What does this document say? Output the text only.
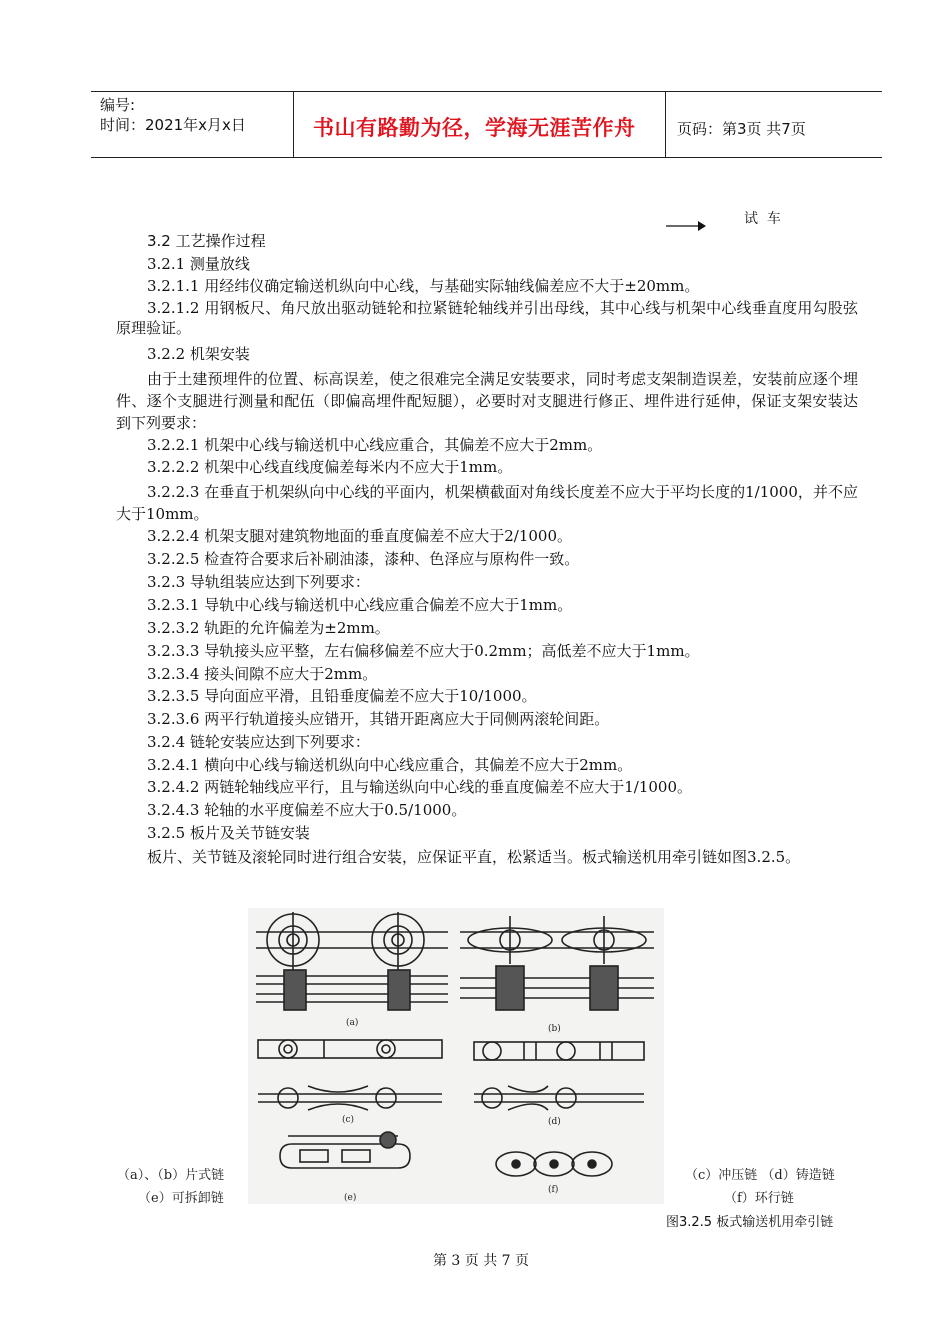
编号:
时间：2021年x月x日	书山有路勤为径，学海无涯苦作舟	页码：第3页 共7页
试  车
3.2 工艺操作过程
3.2.1 测量放线
3.2.1.1 用经纬仪确定输送机纵向中心线，与基础实际轴线偏差应不大于±20mm。
3.2.1.2 用钢板尺、角尺放出驱动链轮和拉紧链轮轴线并引出母线，其中心线与机架中心线垂直度用勾股弦原理验证。
3.2.2 机架安装
由于土建预埋件的位置、标高误差，使之很难完全满足安装要求，同时考虑支架制造误差，安装前应逐个埋件、逐个支腿进行测量和配伍（即偏高埋件配短腿），必要时对支腿进行修正、埋件进行延伸，保证支架安装达到下列要求：
3.2.2.1 机架中心线与输送机中心线应重合，其偏差不应大于2mm。
3.2.2.2 机架中心线直线度偏差每米内不应大于1mm。
3.2.2.3 在垂直于机架纵向中心线的平面内，机架横截面对角线长度差不应大于平均长度的1/1000，并不应大于10mm。
3.2.2.4 机架支腿对建筑物地面的垂直度偏差不应大于2/1000。
3.2.2.5 检查符合要求后补刷油漆，漆种、色泽应与原构件一致。
3.2.3 导轨组装应达到下列要求：
3.2.3.1 导轨中心线与输送机中心线应重合偏差不应大于1mm。
3.2.3.2 轨距的允许偏差为±2mm。
3.2.3.3 导轨接头应平整，左右偏移偏差不应大于0.2mm；高低差不应大于1mm。
3.2.3.4 接头间隙不应大于2mm。
3.2.3.5 导向面应平滑，且铅垂度偏差不应大于10/1000。
3.2.3.6 两平行轨道接头应错开，其错开距离应大于同侧两滚轮间距。
3.2.4 链轮安装应达到下列要求：
3.2.4.1 横向中心线与输送机纵向中心线应重合，其偏差不应大于2mm。
3.2.4.2 两链轮轴线应平行，且与输送纵向中心线的垂直度偏差不应大于1/1000。
3.2.4.3 轮轴的水平度偏差不应大于0.5/1000。
3.2.5 板片及关节链安装
板片、关节链及滚轮同时进行组合安装，应保证平直，松紧适当。板式输送机用牵引链如图3.2.5。
(a)
(b)
(c)	(d)
(e)
(f)
（a）、（b）片式链
（e）可拆卸链
（c）冲压链 （d）铸造链
（f）环行链
图3.2.5 板式输送机用牵引链
第 3 页 共 7 页
